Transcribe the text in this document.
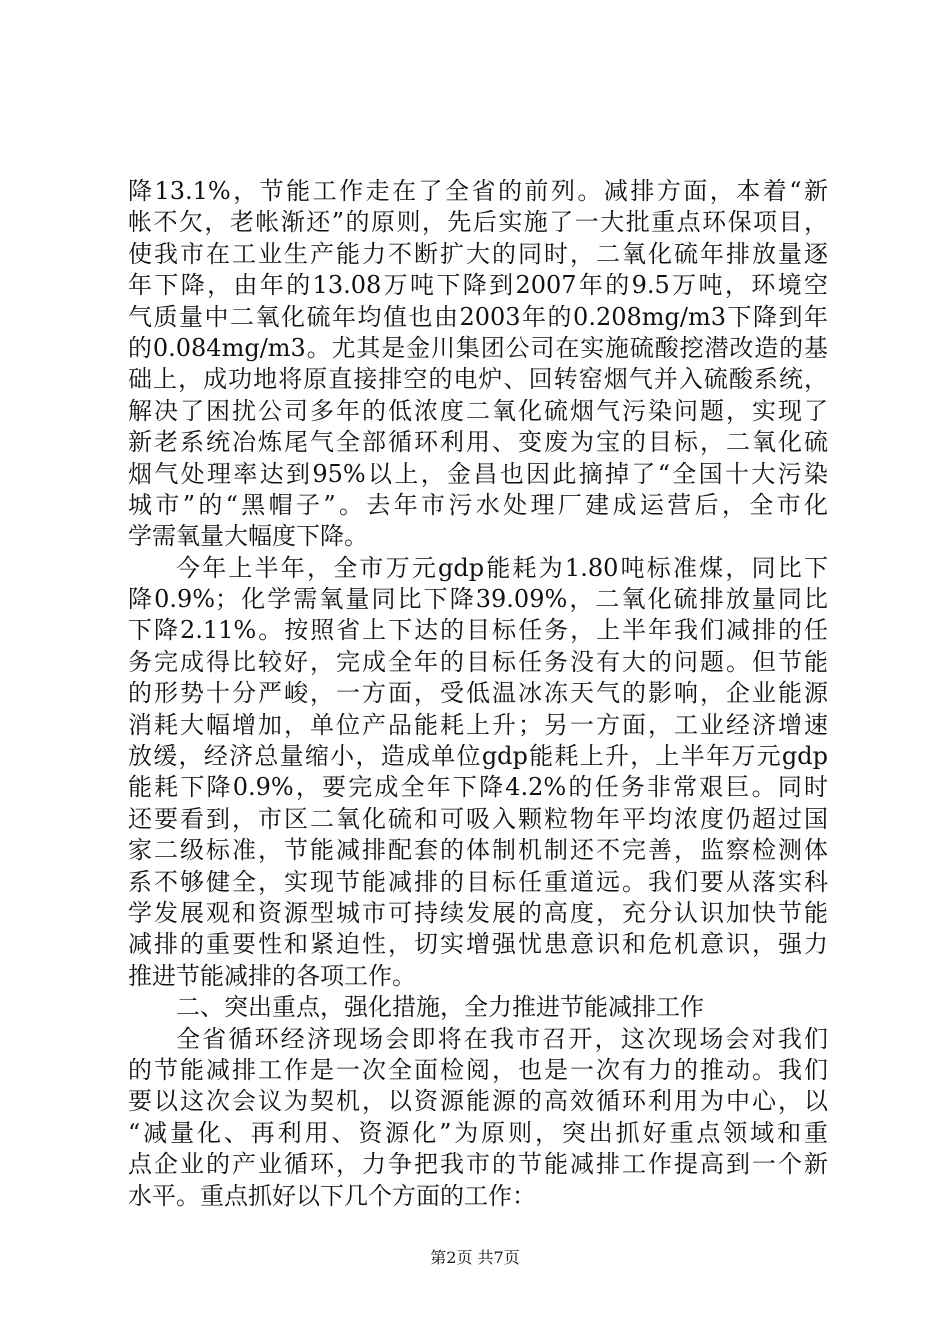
降13.1%，节能工作走在了全省的前列。减排方面，本着“新
帐不欠，老帐渐还”的原则，先后实施了一大批重点环保项目，
使我市在工业生产能力不断扩大的同时，二氧化硫年排放量逐
年下降，由年的13.08万吨下降到2007年的9.5万吨，环境空
气质量中二氧化硫年均值也由2003年的0.208mg/m3下降到年
的0.084mg/m3。尤其是金川集团公司在实施硫酸挖潜改造的基
础上，成功地将原直接排空的电炉、回转窑烟气并入硫酸系统，
解决了困扰公司多年的低浓度二氧化硫烟气污染问题，实现了
新老系统冶炼尾气全部循环利用、变废为宝的目标，二氧化硫
烟气处理率达到95%以上，金昌也因此摘掉了“全国十大污染
城市”的“黑帽子”。去年市污水处理厂建成运营后，全市化
学需氧量大幅度下降。
今年上半年，全市万元gdp能耗为1.80吨标准煤，同比下
降0.9%；化学需氧量同比下降39.09%，二氧化硫排放量同比
下降2.11%。按照省上下达的目标任务，上半年我们减排的任
务完成得比较好，完成全年的目标任务没有大的问题。但节能
的形势十分严峻，一方面，受低温冰冻天气的影响，企业能源
消耗大幅增加，单位产品能耗上升；另一方面，工业经济增速
放缓，经济总量缩小，造成单位gdp能耗上升，上半年万元gdp
能耗下降0.9%，要完成全年下降4.2%的任务非常艰巨。同时
还要看到，市区二氧化硫和可吸入颗粒物年平均浓度仍超过国
家二级标准，节能减排配套的体制机制还不完善，监察检测体
系不够健全，实现节能减排的目标任重道远。我们要从落实科
学发展观和资源型城市可持续发展的高度，充分认识加快节能
减排的重要性和紧迫性，切实增强忧患意识和危机意识，强力
推进节能减排的各项工作。
二、突出重点，强化措施，全力推进节能减排工作
全省循环经济现场会即将在我市召开，这次现场会对我们
的节能减排工作是一次全面检阅，也是一次有力的推动。我们
要以这次会议为契机，以资源能源的高效循环利用为中心，以
“减量化、再利用、资源化”为原则，突出抓好重点领域和重
点企业的产业循环，力争把我市的节能减排工作提高到一个新
水平。重点抓好以下几个方面的工作：
第2页 共7页
